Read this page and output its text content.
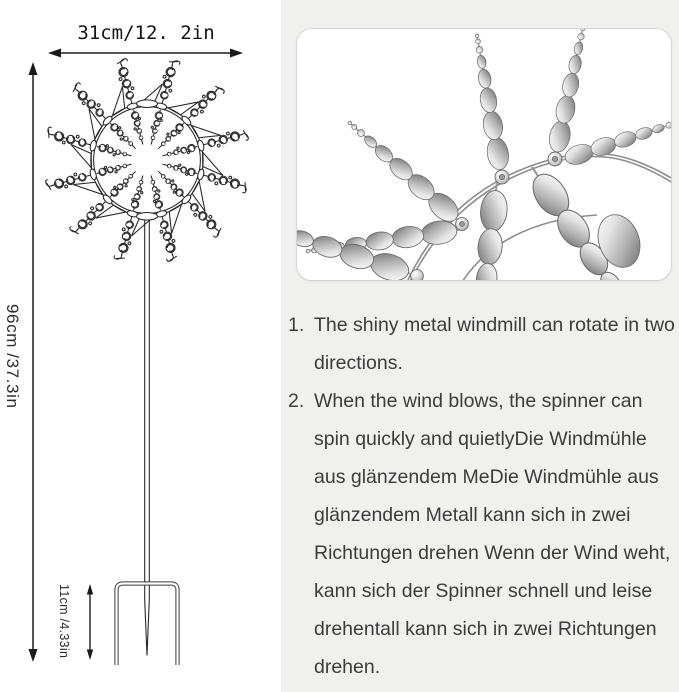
31cm/12. 2in
96cm /37.3in
11cm /4.33in
1. The shiny metal windmill can rotate in two directions.
2. When the wind blows, the spinner can spin quickly and quietlyDie Windmühle aus glänzendem MeDie Windmühle aus glänzendem Metall kann sich in zwei Richtungen drehen Wenn der Wind weht, kann sich der Spinner schnell und leise drehentall kann sich in zwei Richtungen drehen.
